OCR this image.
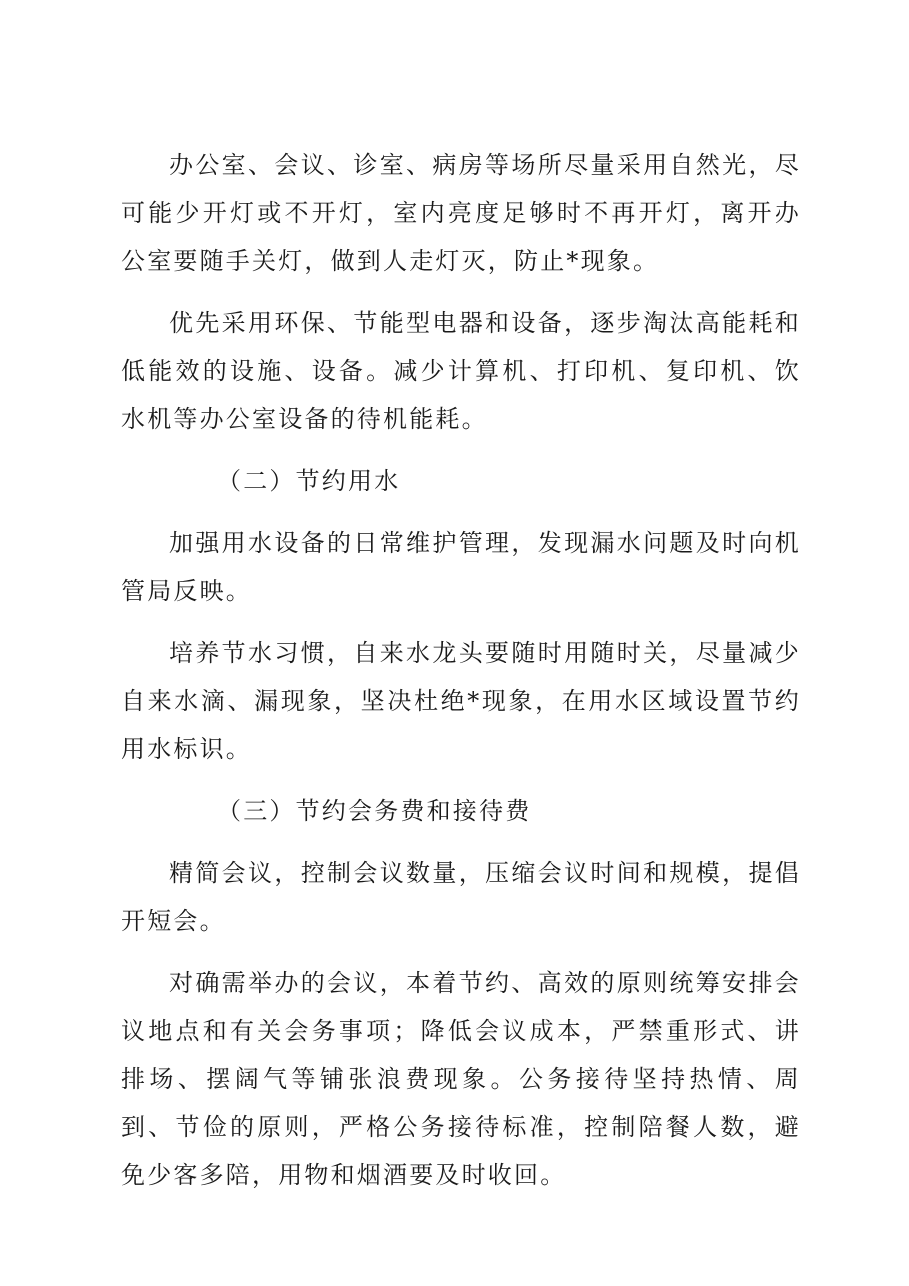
办公室、会议、诊室、病房等场所尽量采用自然光，尽可能少开灯或不开灯，室内亮度足够时不再开灯，离开办公室要随手关灯，做到人走灯灭，防止*现象。

优先采用环保、节能型电器和设备，逐步淘汰高能耗和低能效的设施、设备。减少计算机、打印机、复印机、饮水机等办公室设备的待机能耗。

（二）节约用水

加强用水设备的日常维护管理，发现漏水问题及时向机管局反映。

培养节水习惯，自来水龙头要随时用随时关，尽量减少自来水滴、漏现象，坚决杜绝*现象，在用水区域设置节约用水标识。

（三）节约会务费和接待费

精简会议，控制会议数量，压缩会议时间和规模，提倡开短会。

对确需举办的会议，本着节约、高效的原则统筹安排会议地点和有关会务事项；降低会议成本，严禁重形式、讲排场、摆阔气等铺张浪费现象。公务接待坚持热情、周到、节俭的原则，严格公务接待标准，控制陪餐人数，避免少客多陪，用物和烟酒要及时收回。
